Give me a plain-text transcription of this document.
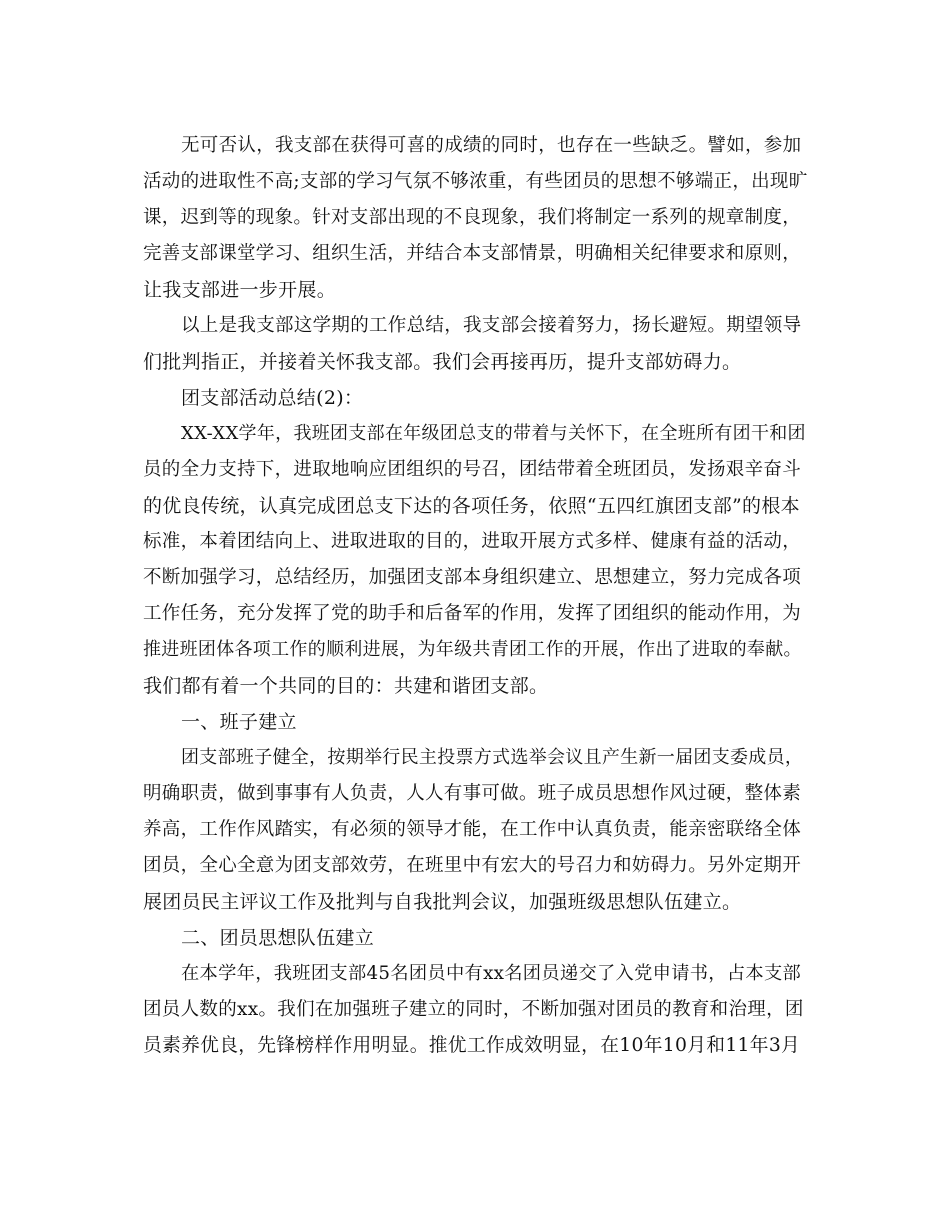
无可否认，我支部在获得可喜的成绩的同时，也存在一些缺乏。譬如，参加
活动的进取性不高;支部的学习气氛不够浓重，有些团员的思想不够端正，出现旷
课，迟到等的现象。针对支部出现的不良现象，我们将制定一系列的规章制度，
完善支部课堂学习、组织生活，并结合本支部情景，明确相关纪律要求和原则，
让我支部进一步开展。
以上是我支部这学期的工作总结，我支部会接着努力，扬长避短。期望领导
们批判指正，并接着关怀我支部。我们会再接再历，提升支部妨碍力。
团支部活动总结(2)：
XX-XX学年，我班团支部在年级团总支的带着与关怀下，在全班所有团干和团
员的全力支持下，进取地响应团组织的号召，团结带着全班团员，发扬艰辛奋斗
的优良传统，认真完成团总支下达的各项任务，依照“五四红旗团支部”的根本
标准，本着团结向上、进取进取的目的，进取开展方式多样、健康有益的活动，
不断加强学习，总结经历，加强团支部本身组织建立、思想建立，努力完成各项
工作任务，充分发挥了党的助手和后备军的作用，发挥了团组织的能动作用，为
推进班团体各项工作的顺利进展，为年级共青团工作的开展，作出了进取的奉献。
我们都有着一个共同的目的：共建和谐团支部。
一、班子建立
团支部班子健全，按期举行民主投票方式选举会议且产生新一届团支委成员，
明确职责，做到事事有人负责，人人有事可做。班子成员思想作风过硬，整体素
养高，工作作风踏实，有必须的领导才能，在工作中认真负责，能亲密联络全体
团员，全心全意为团支部效劳，在班里中有宏大的号召力和妨碍力。另外定期开
展团员民主评议工作及批判与自我批判会议，加强班级思想队伍建立。
二、团员思想队伍建立
在本学年，我班团支部45名团员中有xx名团员递交了入党申请书，占本支部
团员人数的xx。我们在加强班子建立的同时，不断加强对团员的教育和治理，团
员素养优良，先锋榜样作用明显。推优工作成效明显，在10年10月和11年3月
